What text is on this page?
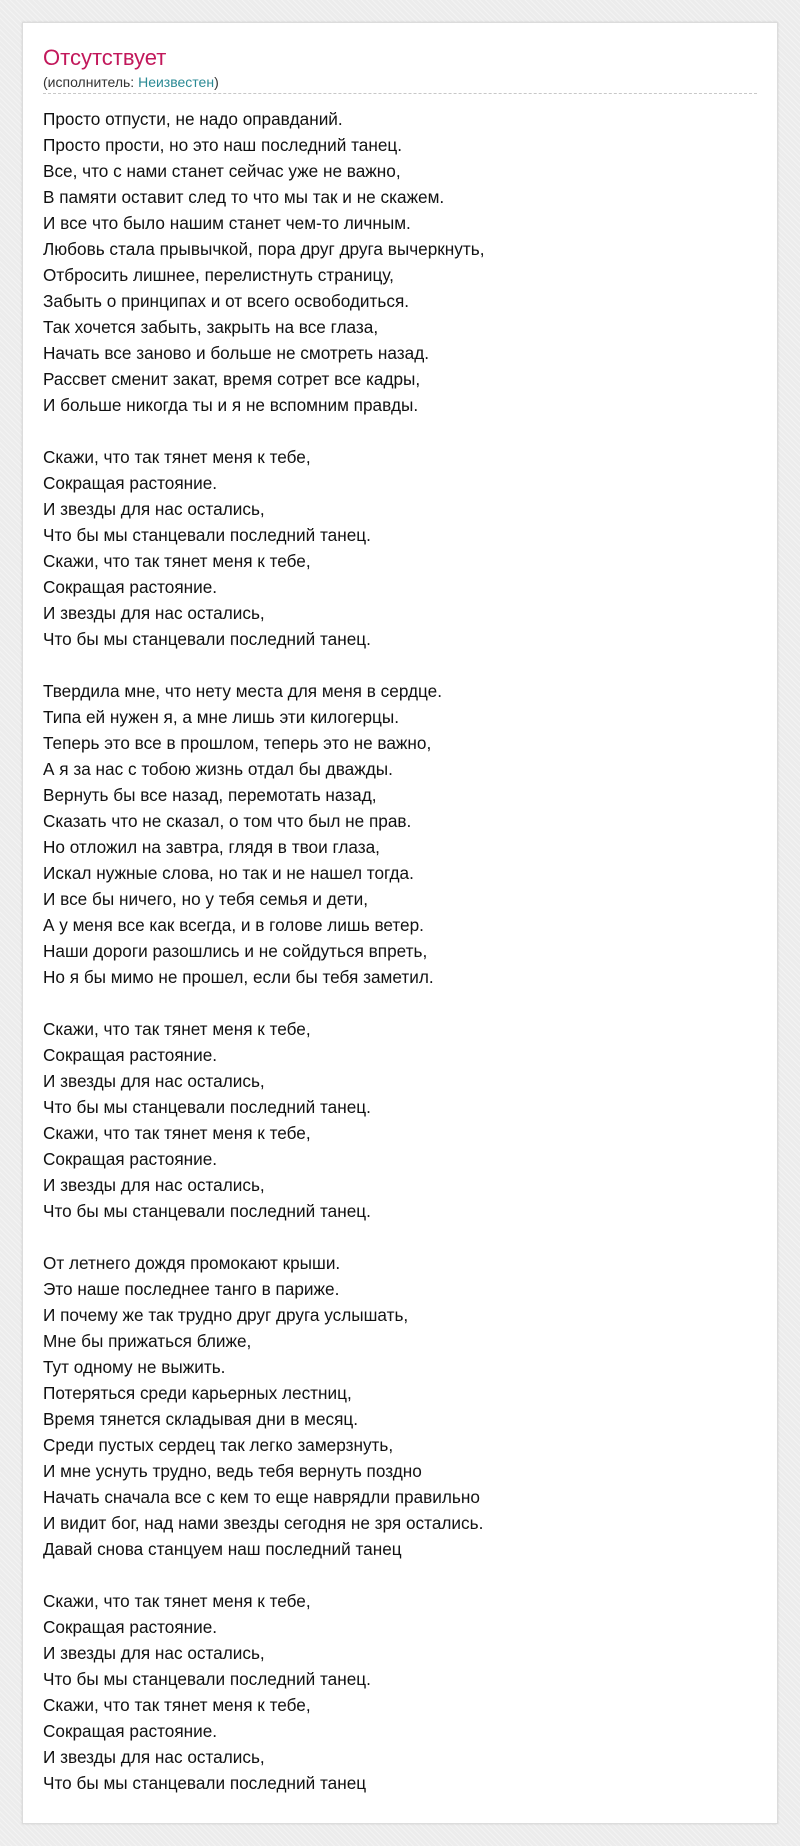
Отсутствует
(исполнитель: Неизвестен)
Просто отпусти, не надо оправданий.
Просто прости, но это наш последний танец.
Все, что с нами станет сейчас уже не важно,
В памяти оставит след то что мы так и не скажем.
И все что было нашим станет чем-то личным.
Любовь стала прывычкой, пора друг друга вычеркнуть,
Отбросить лишнее, перелистнуть страницу,
Забыть о принципах и от всего освободиться.
Так хочется забыть, закрыть на все глаза,
Начать все заново и больше не смотреть назад.
Рассвет сменит закат, время сотрет все кадры,
И больше никогда ты и я не вспомним правды.
Скажи, что так тянет меня к тебе,
Сокращая растояние.
И звезды для нас остались,
Что бы мы станцевали последний танец.
Скажи, что так тянет меня к тебе,
Сокращая растояние.
И звезды для нас остались,
Что бы мы станцевали последний танец.
Твердила мне, что нету места для меня в сердце.
Типа ей нужен я, а мне лишь эти килогерцы.
Теперь это все в прошлом, теперь это не важно,
А я за нас с тобою жизнь отдал бы дважды.
Вернуть бы все назад, перемотать назад,
Сказать что не сказал, о том что был не прав.
Но отложил на завтра, глядя в твои глаза,
Искал нужные слова, но так и не нашел тогда.
И все бы ничего, но у тебя семья и дети,
А у меня все как всегда, и в голове лишь ветер.
Наши дороги разошлись и не сойдуться впреть,
Но я бы мимо не прошел, если бы тебя заметил.
Скажи, что так тянет меня к тебе,
Сокращая растояние.
И звезды для нас остались,
Что бы мы станцевали последний танец.
Скажи, что так тянет меня к тебе,
Сокращая растояние.
И звезды для нас остались,
Что бы мы станцевали последний танец.
От летнего дождя промокают крыши.
Это наше последнее танго в париже.
И почему же так трудно друг друга услышать,
Мне бы прижаться ближе,
Тут одному не выжить.
Потеряться среди карьерных лестниц,
Время тянется складывая дни в месяц.
Среди пустых сердец так легко замерзнуть,
И мне уснуть трудно, ведь тебя вернуть поздно
Начать сначала все с кем то еще наврядли правильно
И видит бог, над нами звезды сегодня не зря остались.
Давай снова станцуем наш последний танец
Скажи, что так тянет меня к тебе,
Сокращая растояние.
И звезды для нас остались,
Что бы мы станцевали последний танец.
Скажи, что так тянет меня к тебе,
Сокращая растояние.
И звезды для нас остались,
Что бы мы станцевали последний танец
